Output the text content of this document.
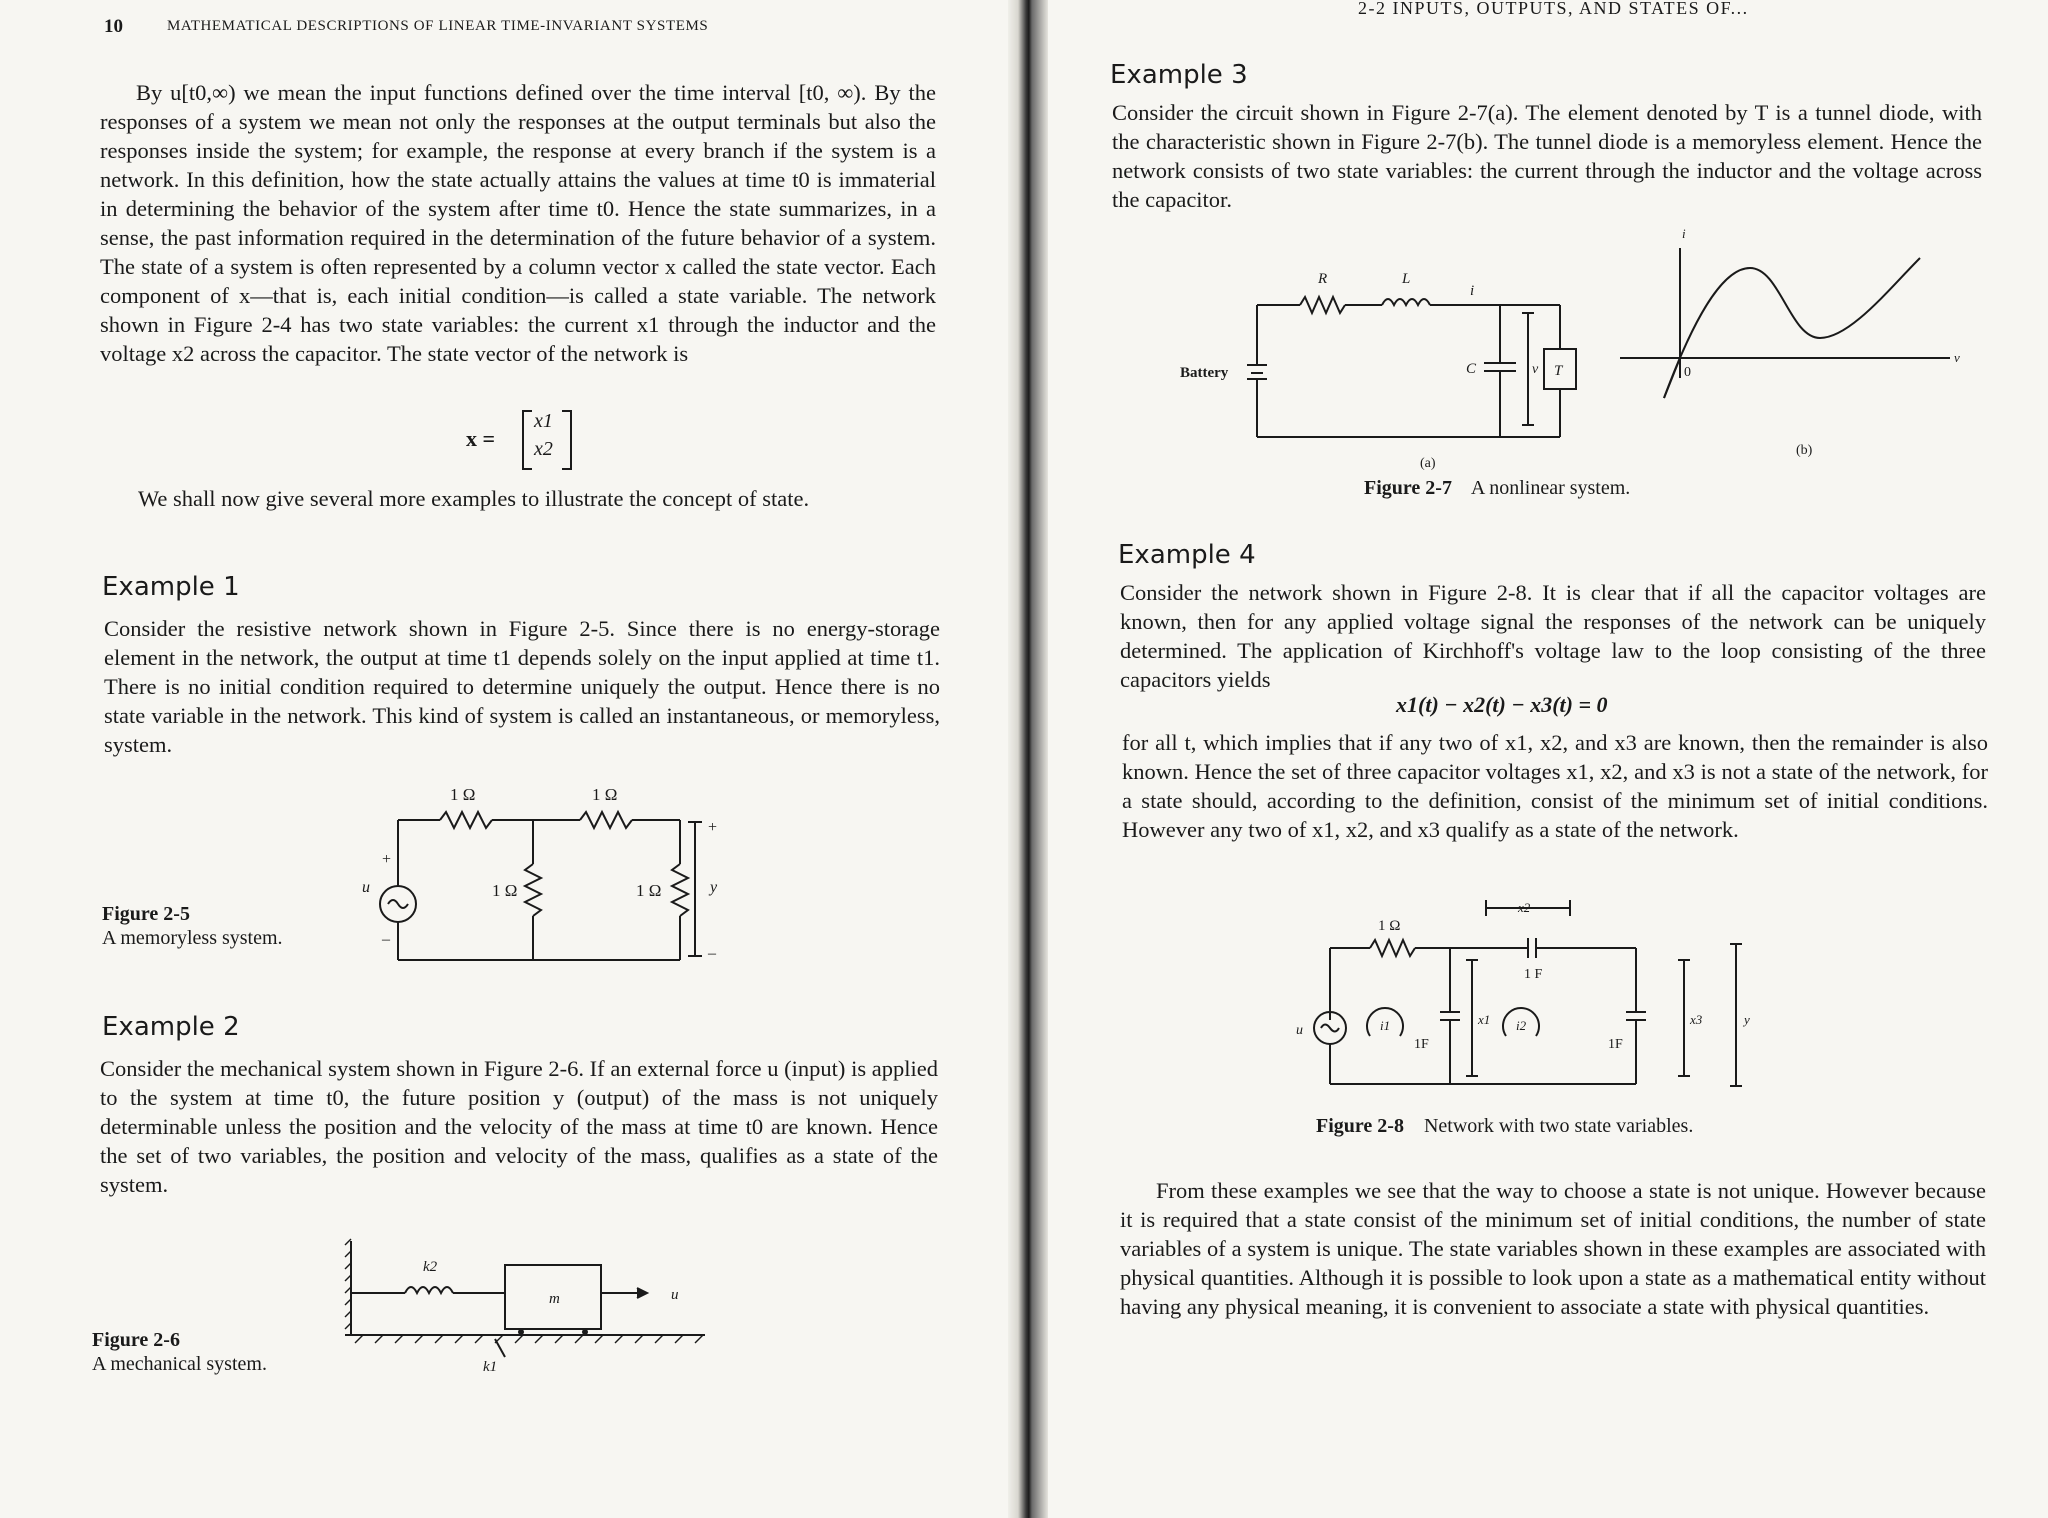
10	MATHEMATICAL DESCRIPTIONS OF LINEAR TIME-INVARIANT SYSTEMS

By u[t0,∞) we mean the input functions defined over the time interval [t0, ∞). By the responses of a system we mean not only the responses at the output terminals but also the responses inside the system; for example, the response at every branch if the system is a network. In this definition, how the state actually attains the values at time t0 is immaterial in determining the behavior of the system after time t0. Hence the state summarizes, in a sense, the past information required in the determination of the future behavior of a system. The state of a system is often represented by a column vector x called the state vector. Each component of x—that is, each initial condition—is called a state variable. The network shown in Figure 2-4 has two state variables: the current x1 through the inductor and the voltage x2 across the capacitor. The state vector of the network is

x =
x1
x2
We shall now give several more examples to illustrate the concept of state.
Example 1
Consider the resistive network shown in Figure 2-5. Since there is no energy-storage element in the network, the output at time t1 depends solely on the input applied at time t1. There is no initial condition required to determine uniquely the output. Hence there is no state variable in the network. This kind of system is called an instantaneous, or memoryless, system.
Figure 2-5
A memoryless system.
1 Ω	1 Ω
1 Ω	1 Ω
u
+
–
y
+
–
Example 2
Consider the mechanical system shown in Figure 2-6. If an external force u (input) is applied to the system at time t0, the future position y (output) of the mass is not uniquely determinable unless the position and the velocity of the mass at time t0 are known. Hence the set of two variables, the position and velocity of the mass, qualifies as a state of the system.
Figure 2-6
A mechanical system.
k2
m	u
k1
2-2 INPUTS, OUTPUTS, AND STATES OF...
Example 3
Consider the circuit shown in Figure 2-7(a). The element denoted by T is a tunnel diode, with the characteristic shown in Figure 2-7(b). The tunnel diode is a memoryless element. Hence the network consists of two state variables: the current through the inductor and the voltage across the capacitor.
Battery
R	L
i
C	v T
(a)
i
v
0
(b)
Figure 2-7 A nonlinear system.
Example 4
Consider the network shown in Figure 2-8. It is clear that if all the capacitor voltages are known, then for any applied voltage signal the responses of the network can be uniquely determined. The application of Kirchhoff's voltage law to the loop consisting of the three capacitors yields
x1(t) − x2(t) − x3(t) = 0
for all t, which implies that if any two of x1, x2, and x3 are known, then the remainder is also known. Hence the set of three capacitor voltages x1, x2, and x3 is not a state of the network, for a state should, according to the definition, consist of the minimum set of initial conditions. However any two of x1, x2, and x3 qualify as a state of the network.
1 Ω
1 F
1F	1F
u	i1	i2
x1
x2
x3	y
Figure 2-8 Network with two state variables.

From these examples we see that the way to choose a state is not unique. However because it is required that a state consist of the minimum set of initial conditions, the number of state variables of a system is unique. The state variables shown in these examples are associated with physical quantities. Although it is possible to look upon a state as a mathematical entity without having any physical meaning, it is convenient to associate a state with physical quantities.
